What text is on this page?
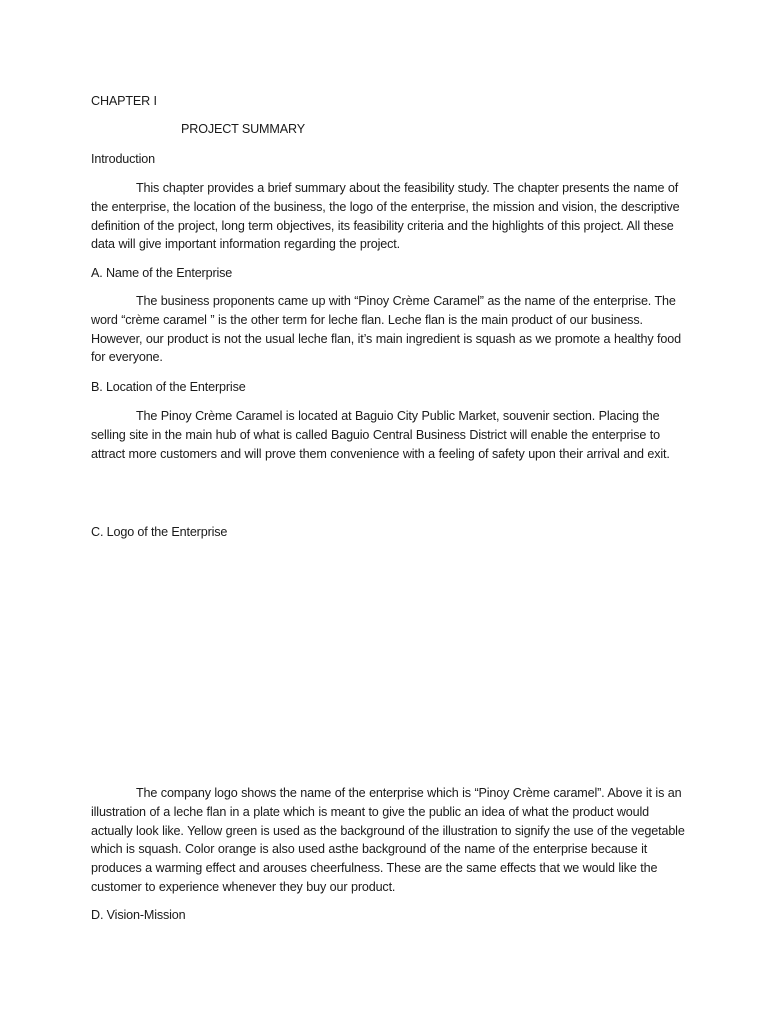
CHAPTER I

PROJECT SUMMARY

Introduction

This chapter provides a brief summary about the feasibility study. The chapter presents the name of the enterprise, the location of the business, the logo of the enterprise, the mission and vision, the descriptive definition of the project, long term objectives, its feasibility criteria and the highlights of this project. All these data will give important information regarding the project.

A. Name of the Enterprise

The business proponents came up with “Pinoy Crème Caramel” as the name of the enterprise. The word “crème caramel ” is the other term for leche flan. Leche flan is the main product of our business. However, our product is not the usual leche flan, it’s main ingredient is squash as we promote a healthy food for everyone.

B. Location of the Enterprise

The Pinoy Crème Caramel is located at Baguio City Public Market, souvenir section. Placing the selling site in the main hub of what is called Baguio Central Business District will enable the enterprise to attract more customers and will prove them convenience with a feeling of safety upon their arrival and exit.

C. Logo of the Enterprise

The company logo shows the name of the enterprise which is “Pinoy Crème caramel”. Above it is an illustration of a leche flan in a plate which is meant to give the public an idea of what the product would actually look like. Yellow green is used as the background of the illustration to signify the use of the vegetable which is squash. Color orange is also used asthe background of the name of the enterprise because it produces a warming effect and arouses cheerfulness. These are the same effects that we would like the customer to experience whenever they buy our product.

D. Vision-Mission
